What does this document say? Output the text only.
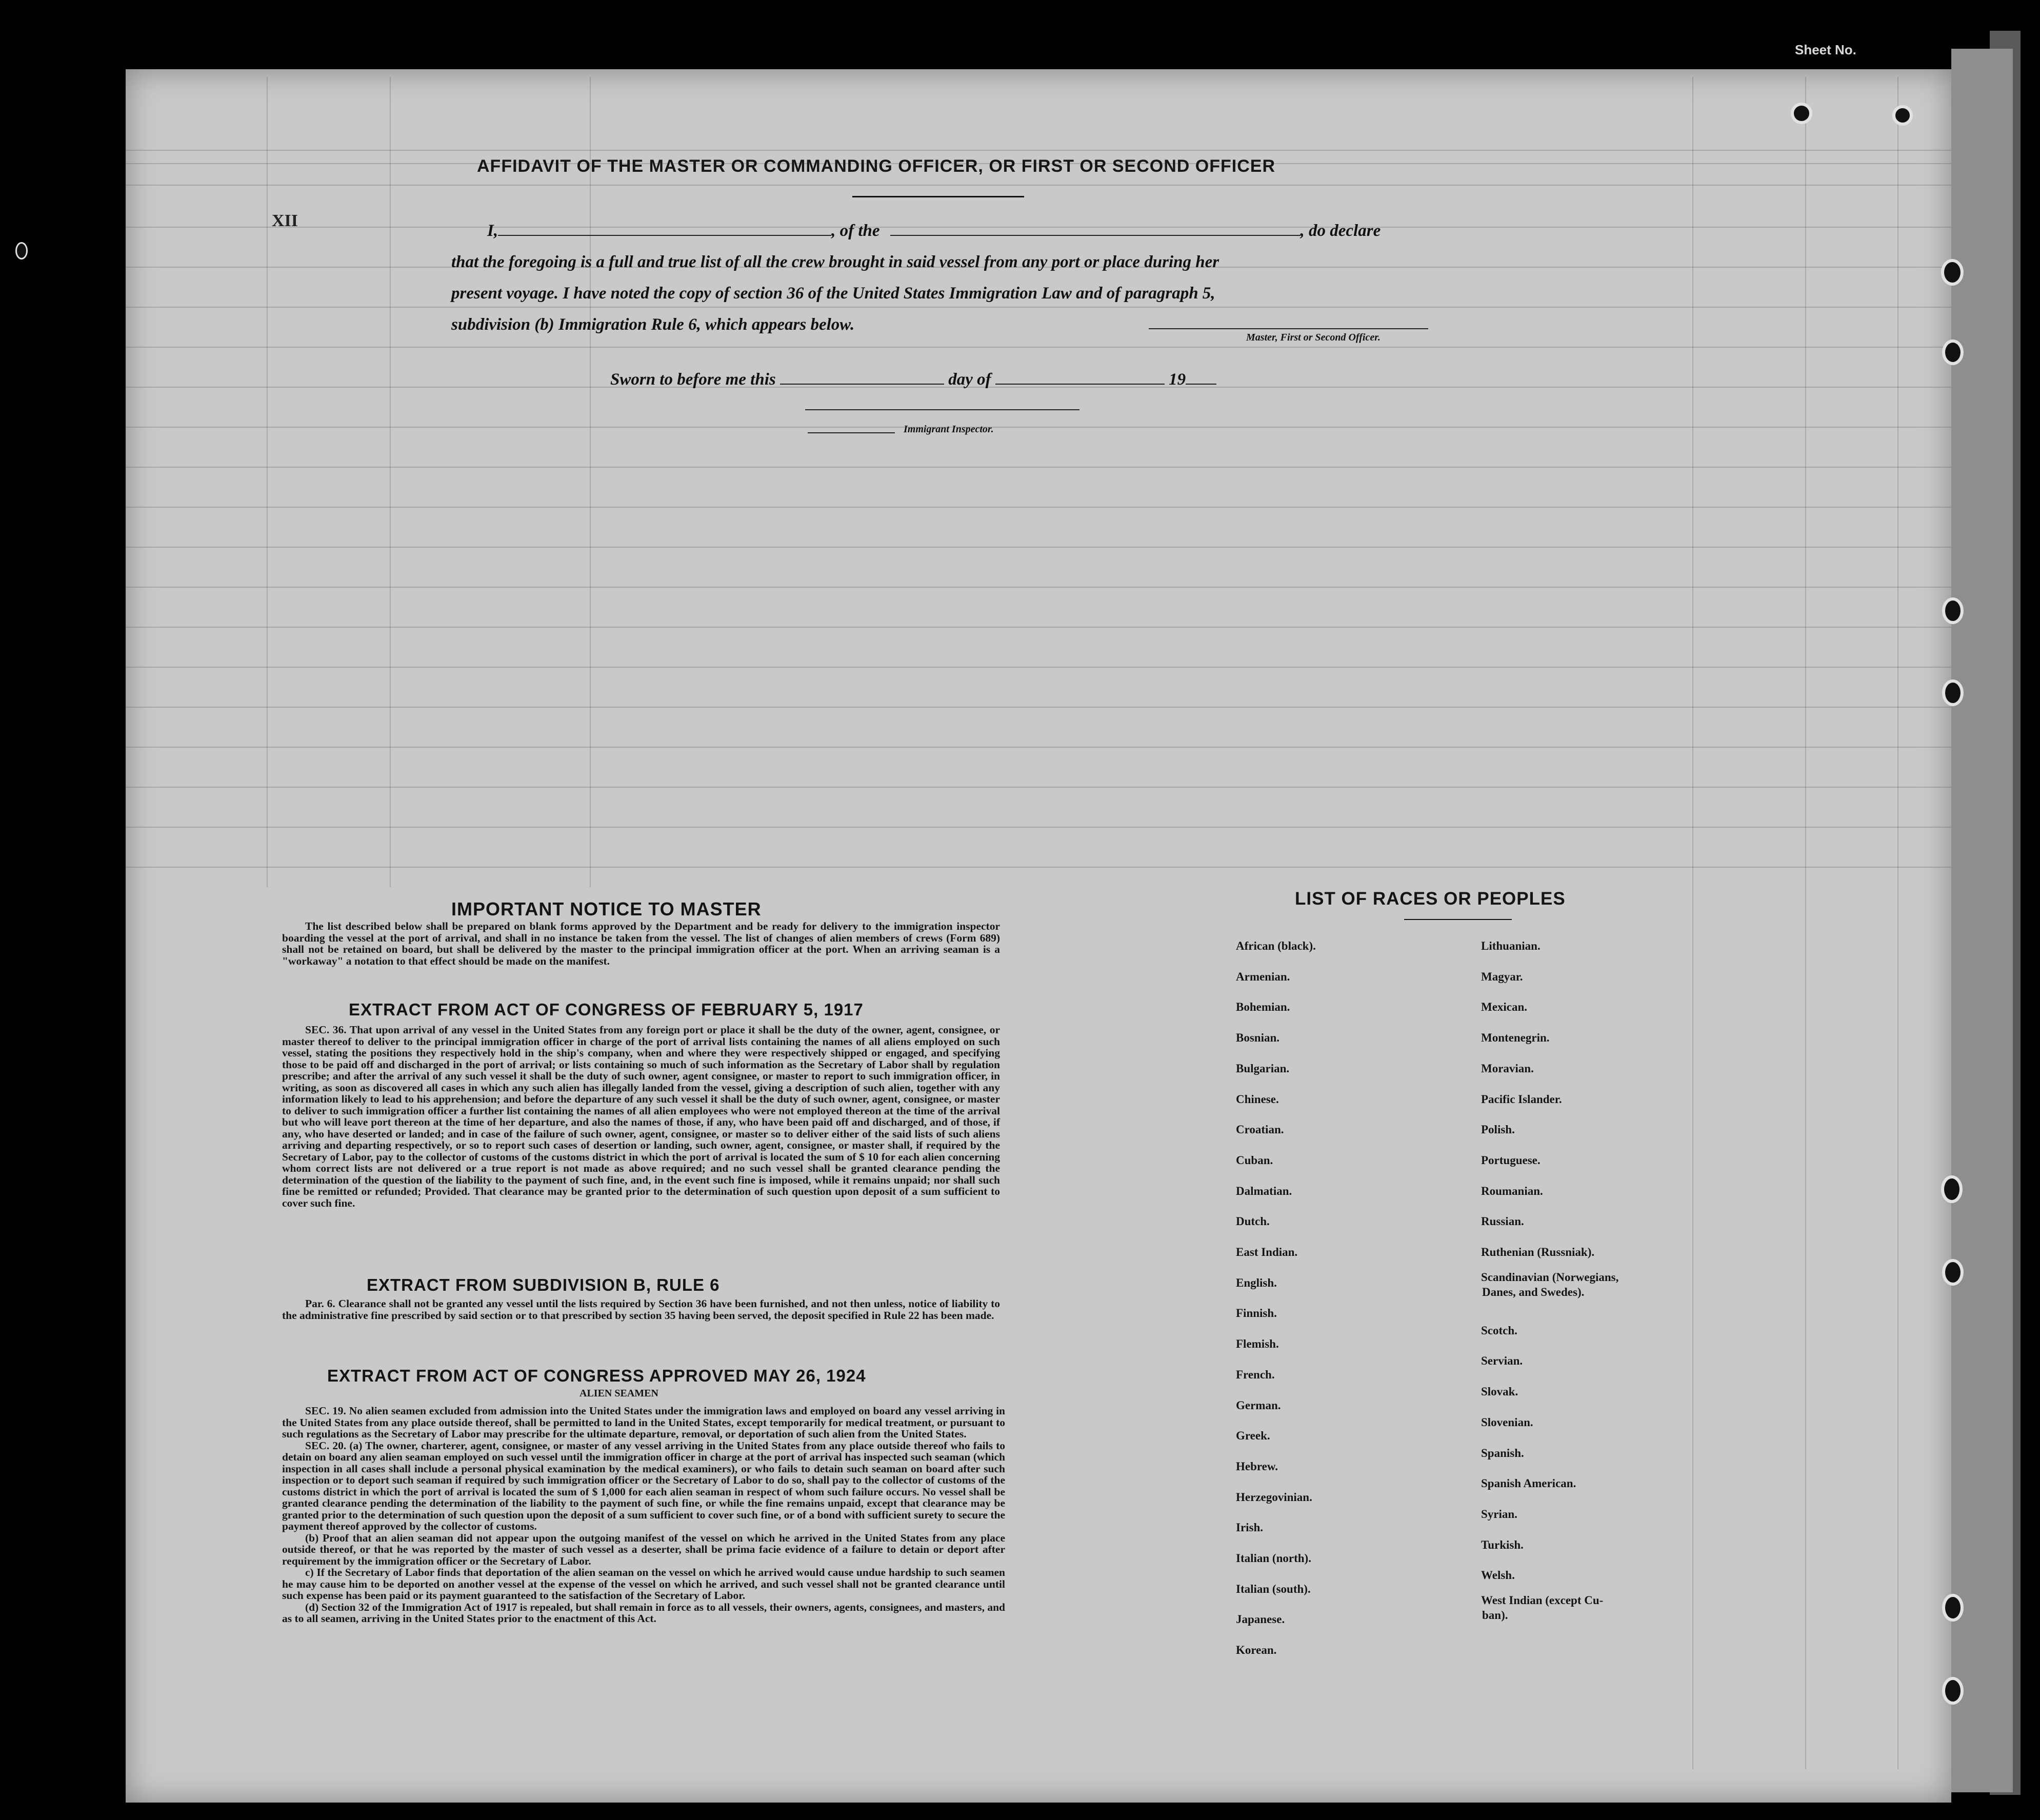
Sheet No.
XII
AFFIDAVIT OF THE MASTER OR COMMANDING OFFICER, OR FIRST OR SECOND OFFICER
I,	, of the	, do declare
that the foregoing is a full and true list of all the crew brought in said vessel from any port or place during her
present voyage. I have noted the copy of section 36 of the United States Immigration Law and of paragraph 5,
subdivision (b) Immigration Rule 6, which appears below.
Master, First or Second Officer.
Sworn to before me this	day of	19
Immigrant Inspector.
IMPORTANT NOTICE TO MASTER

The list described below shall be prepared on blank forms approved by the Department and be ready for delivery to the immigration inspector boarding the vessel at the port of arrival, and shall in no instance be taken from the vessel. The list of changes of alien members of crews (Form 689) shall not be retained on board, but shall be delivered by the master to the principal immigration officer at the port. When an arriving seaman is a "workaway" a notation to that effect should be made on the manifest.

EXTRACT FROM ACT OF CONGRESS OF FEBRUARY 5, 1917

SEC. 36. That upon arrival of any vessel in the United States from any foreign port or place it shall be the duty of the owner, agent, consignee, or master thereof to deliver to the principal immigration officer in charge of the port of arrival lists containing the names of all aliens employed on such vessel, stating the positions they respectively hold in the ship's company, when and where they were respectively shipped or engaged, and specifying those to be paid off and discharged in the port of arrival; or lists containing so much of such information as the Secretary of Labor shall by regulation prescribe; and after the arrival of any such vessel it shall be the duty of such owner, agent consignee, or master to report to such immigration officer, in writing, as soon as discovered all cases in which any such alien has illegally landed from the vessel, giving a description of such alien, together with any information likely to lead to his apprehension; and before the departure of any such vessel it shall be the duty of such owner, agent, consignee, or master to deliver to such immigration officer a further list containing the names of all alien employees who were not employed thereon at the time of the arrival but who will leave port thereon at the time of her departure, and also the names of those, if any, who have been paid off and discharged, and of those, if any, who have deserted or landed; and in case of the failure of such owner, agent, consignee, or master so to deliver either of the said lists of such aliens arriving and departing respectively, or so to report such cases of desertion or landing, such owner, agent, consignee, or master shall, if required by the Secretary of Labor, pay to the collector of customs of the customs district in which the port of arrival is located the sum of $ 10 for each alien concerning whom correct lists are not delivered or a true report is not made as above required; and no such vessel shall be granted clearance pending the determination of the question of the liability to the payment of such fine, and, in the event such fine is imposed, while it remains unpaid; nor shall such fine be remitted or refunded; Provided. That clearance may be granted prior to the determination of such question upon deposit of a sum sufficient to cover such fine.

EXTRACT FROM SUBDIVISION B, RULE 6

Par. 6. Clearance shall not be granted any vessel until the lists required by Section 36 have been furnished, and not then unless, notice of liability to the administrative fine prescribed by said section or to that prescribed by section 35 having been served, the deposit specified in Rule 22 has been made.

EXTRACT FROM ACT OF CONGRESS APPROVED MAY 26, 1924
ALIEN SEAMEN

SEC. 19. No alien seamen excluded from admission into the United States under the immigration laws and employed on board any vessel arriving in the United States from any place outside thereof, shall be permitted to land in the United States, except temporarily for medical treatment, or pursuant to such regulations as the Secretary of Labor may prescribe for the ultimate departure, removal, or deportation of such alien from the United States.

SEC. 20. (a) The owner, charterer, agent, consignee, or master of any vessel arriving in the United States from any place outside thereof who fails to detain on board any alien seaman employed on such vessel until the immigration officer in charge at the port of arrival has inspected such seaman (which inspection in all cases shall include a personal physical examination by the medical examiners), or who fails to detain such seaman on board after such inspection or to deport such seaman if required by such immigration officer or the Secretary of Labor to do so, shall pay to the collector of customs of the customs district in which the port of arrival is located the sum of $ 1,000 for each alien seaman in respect of whom such failure occurs. No vessel shall be granted clearance pending the determination of the liability to the payment of such fine, or while the fine remains unpaid, except that clearance may be granted prior to the determination of such question upon the deposit of a sum sufficient to cover such fine, or of a bond with sufficient surety to secure the payment thereof approved by the collector of customs.

(b) Proof that an alien seaman did not appear upon the outgoing manifest of the vessel on which he arrived in the United States from any place outside thereof, or that he was reported by the master of such vessel as a deserter, shall be prima facie evidence of a failure to detain or deport after requirement by the immigration officer or the Secretary of Labor.

c) If the Secretary of Labor finds that deportation of the alien seaman on the vessel on which he arrived would cause undue hardship to such seamen he may cause him to be deported on another vessel at the expense of the vessel on which he arrived, and such vessel shall not be granted clearance until such expense has been paid or its payment guaranteed to the satisfaction of the Secretary of Labor.

(d) Section 32 of the Immigration Act of 1917 is repealed, but shall remain in force as to all vessels, their owners, agents, consignees, and masters, and as to all seamen, arriving in the United States prior to the enactment of this Act.

LIST OF RACES OR PEOPLES
African (black).
Armenian.
Bohemian.
Bosnian.
Bulgarian.
Chinese.
Croatian.
Cuban.
Dalmatian.
Dutch.
East Indian.
English.
Finnish.
Flemish.
French.
German.
Greek.
Hebrew.
Herzegovinian.
Irish.
Italian (north).
Italian (south).
Japanese.
Korean.
Lithuanian.
Magyar.
Mexican.
Montenegrin.
Moravian.
Pacific Islander.
Polish.
Portuguese.
Roumanian.
Russian.
Ruthenian (Russniak).
Scandinavian (Norwegians,
Danes, and Swedes).
Scotch.
Servian.
Slovak.
Slovenian.
Spanish.
Spanish American.
Syrian.
Turkish.
Welsh.
West Indian (except Cu-
ban).
